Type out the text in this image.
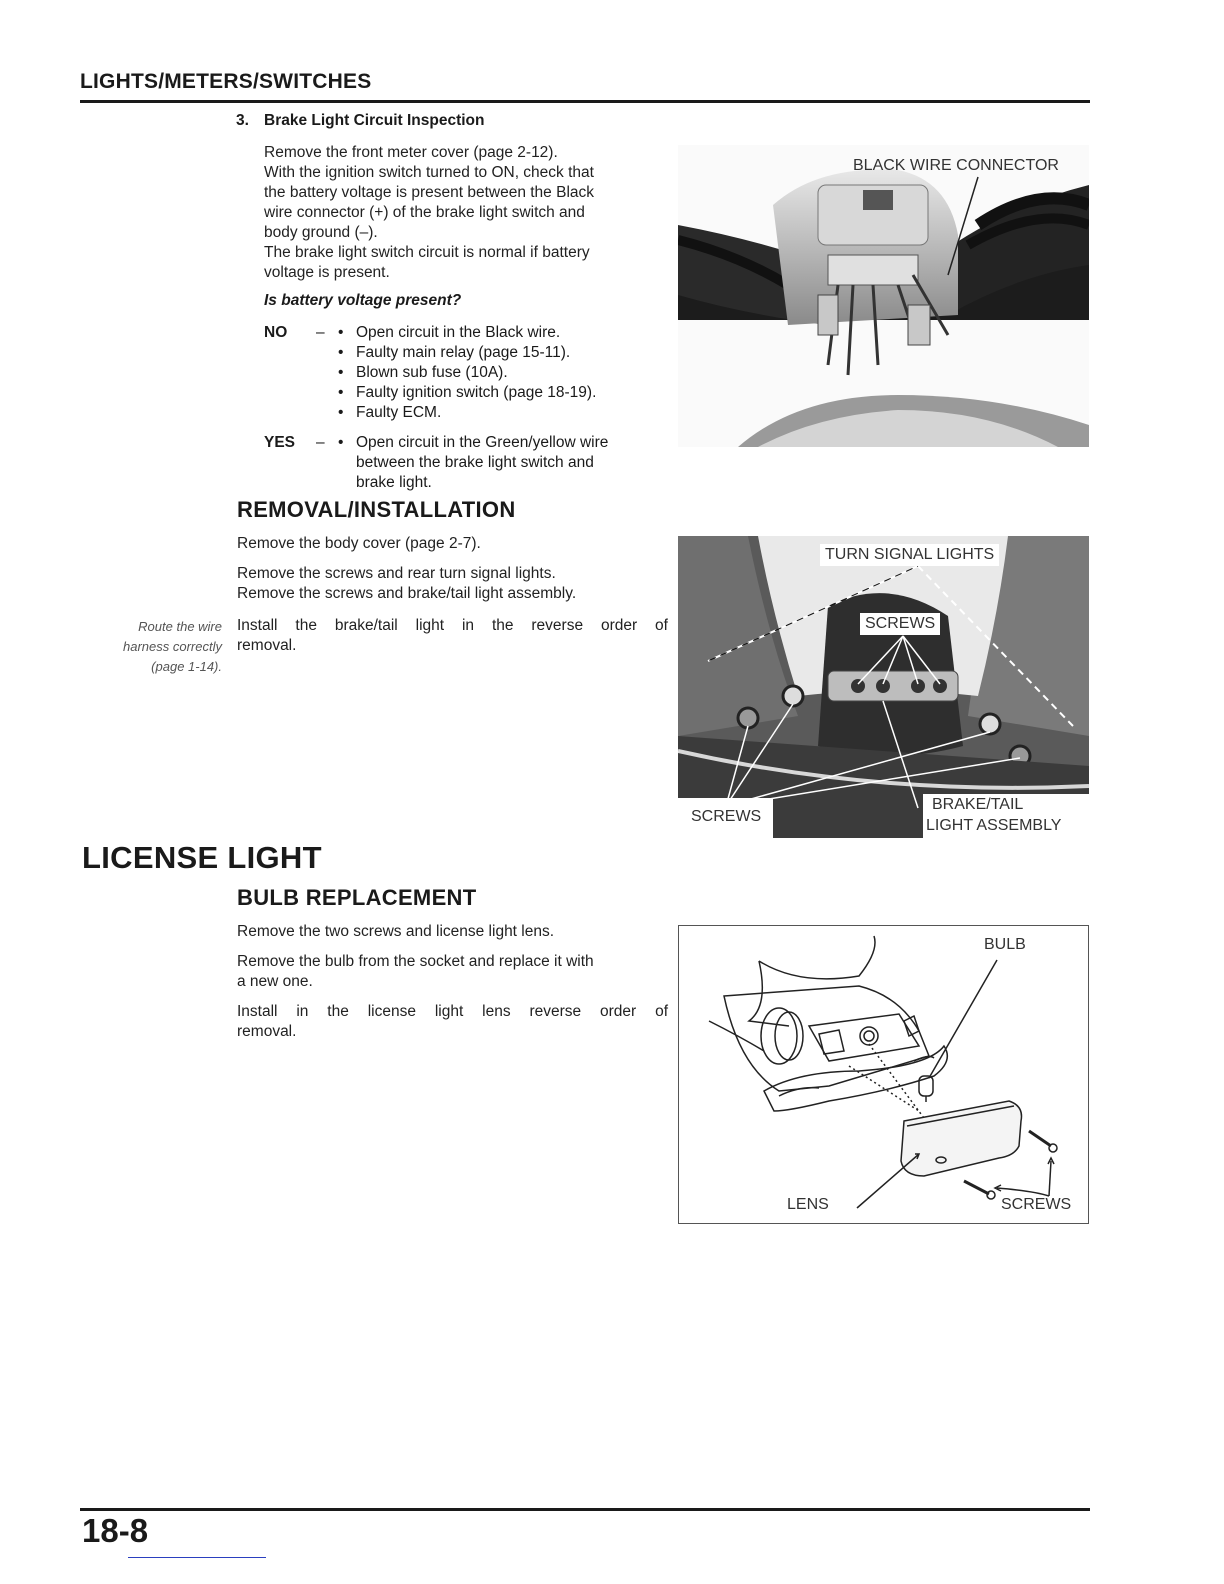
LIGHTS/METERS/SWITCHES
3. Brake Light Circuit Inspection
Remove the front meter cover (page 2-12).
With the ignition switch turned to ON, check that
the battery voltage is present between the Black
wire connector (+) of the brake light switch and
body ground (–).
The brake light switch circuit is normal if battery
voltage is present.
Is battery voltage present?
NO	–	• Open circuit in the Black wire.
• Faulty main relay (page 15-11).
• Blown sub fuse (10A).
• Faulty ignition switch (page 18-19).
• Faulty ECM.
YES	–	• Open circuit in the Green/yellow wire
between the brake light switch and
brake light.
REMOVAL/INSTALLATION
Remove the body cover (page 2-7).
Remove the screws and rear turn signal lights.
Remove the screws and brake/tail light assembly.
Install the brake/tail light in the reverse order of
removal.
Route the wire
harness correctly
(page 1-14).
LICENSE LIGHT
BULB REPLACEMENT
Remove the two screws and license light lens.
Remove the bulb from the socket and replace it with
a new one.
Install in the license light lens reverse order of
removal.
BLACK WIRE CONNECTOR
TURN SIGNAL LIGHTS
SCREWS
SCREWS
BRAKE/TAIL
LIGHT ASSEMBLY
BULB
LENS	SCREWS
18-8
